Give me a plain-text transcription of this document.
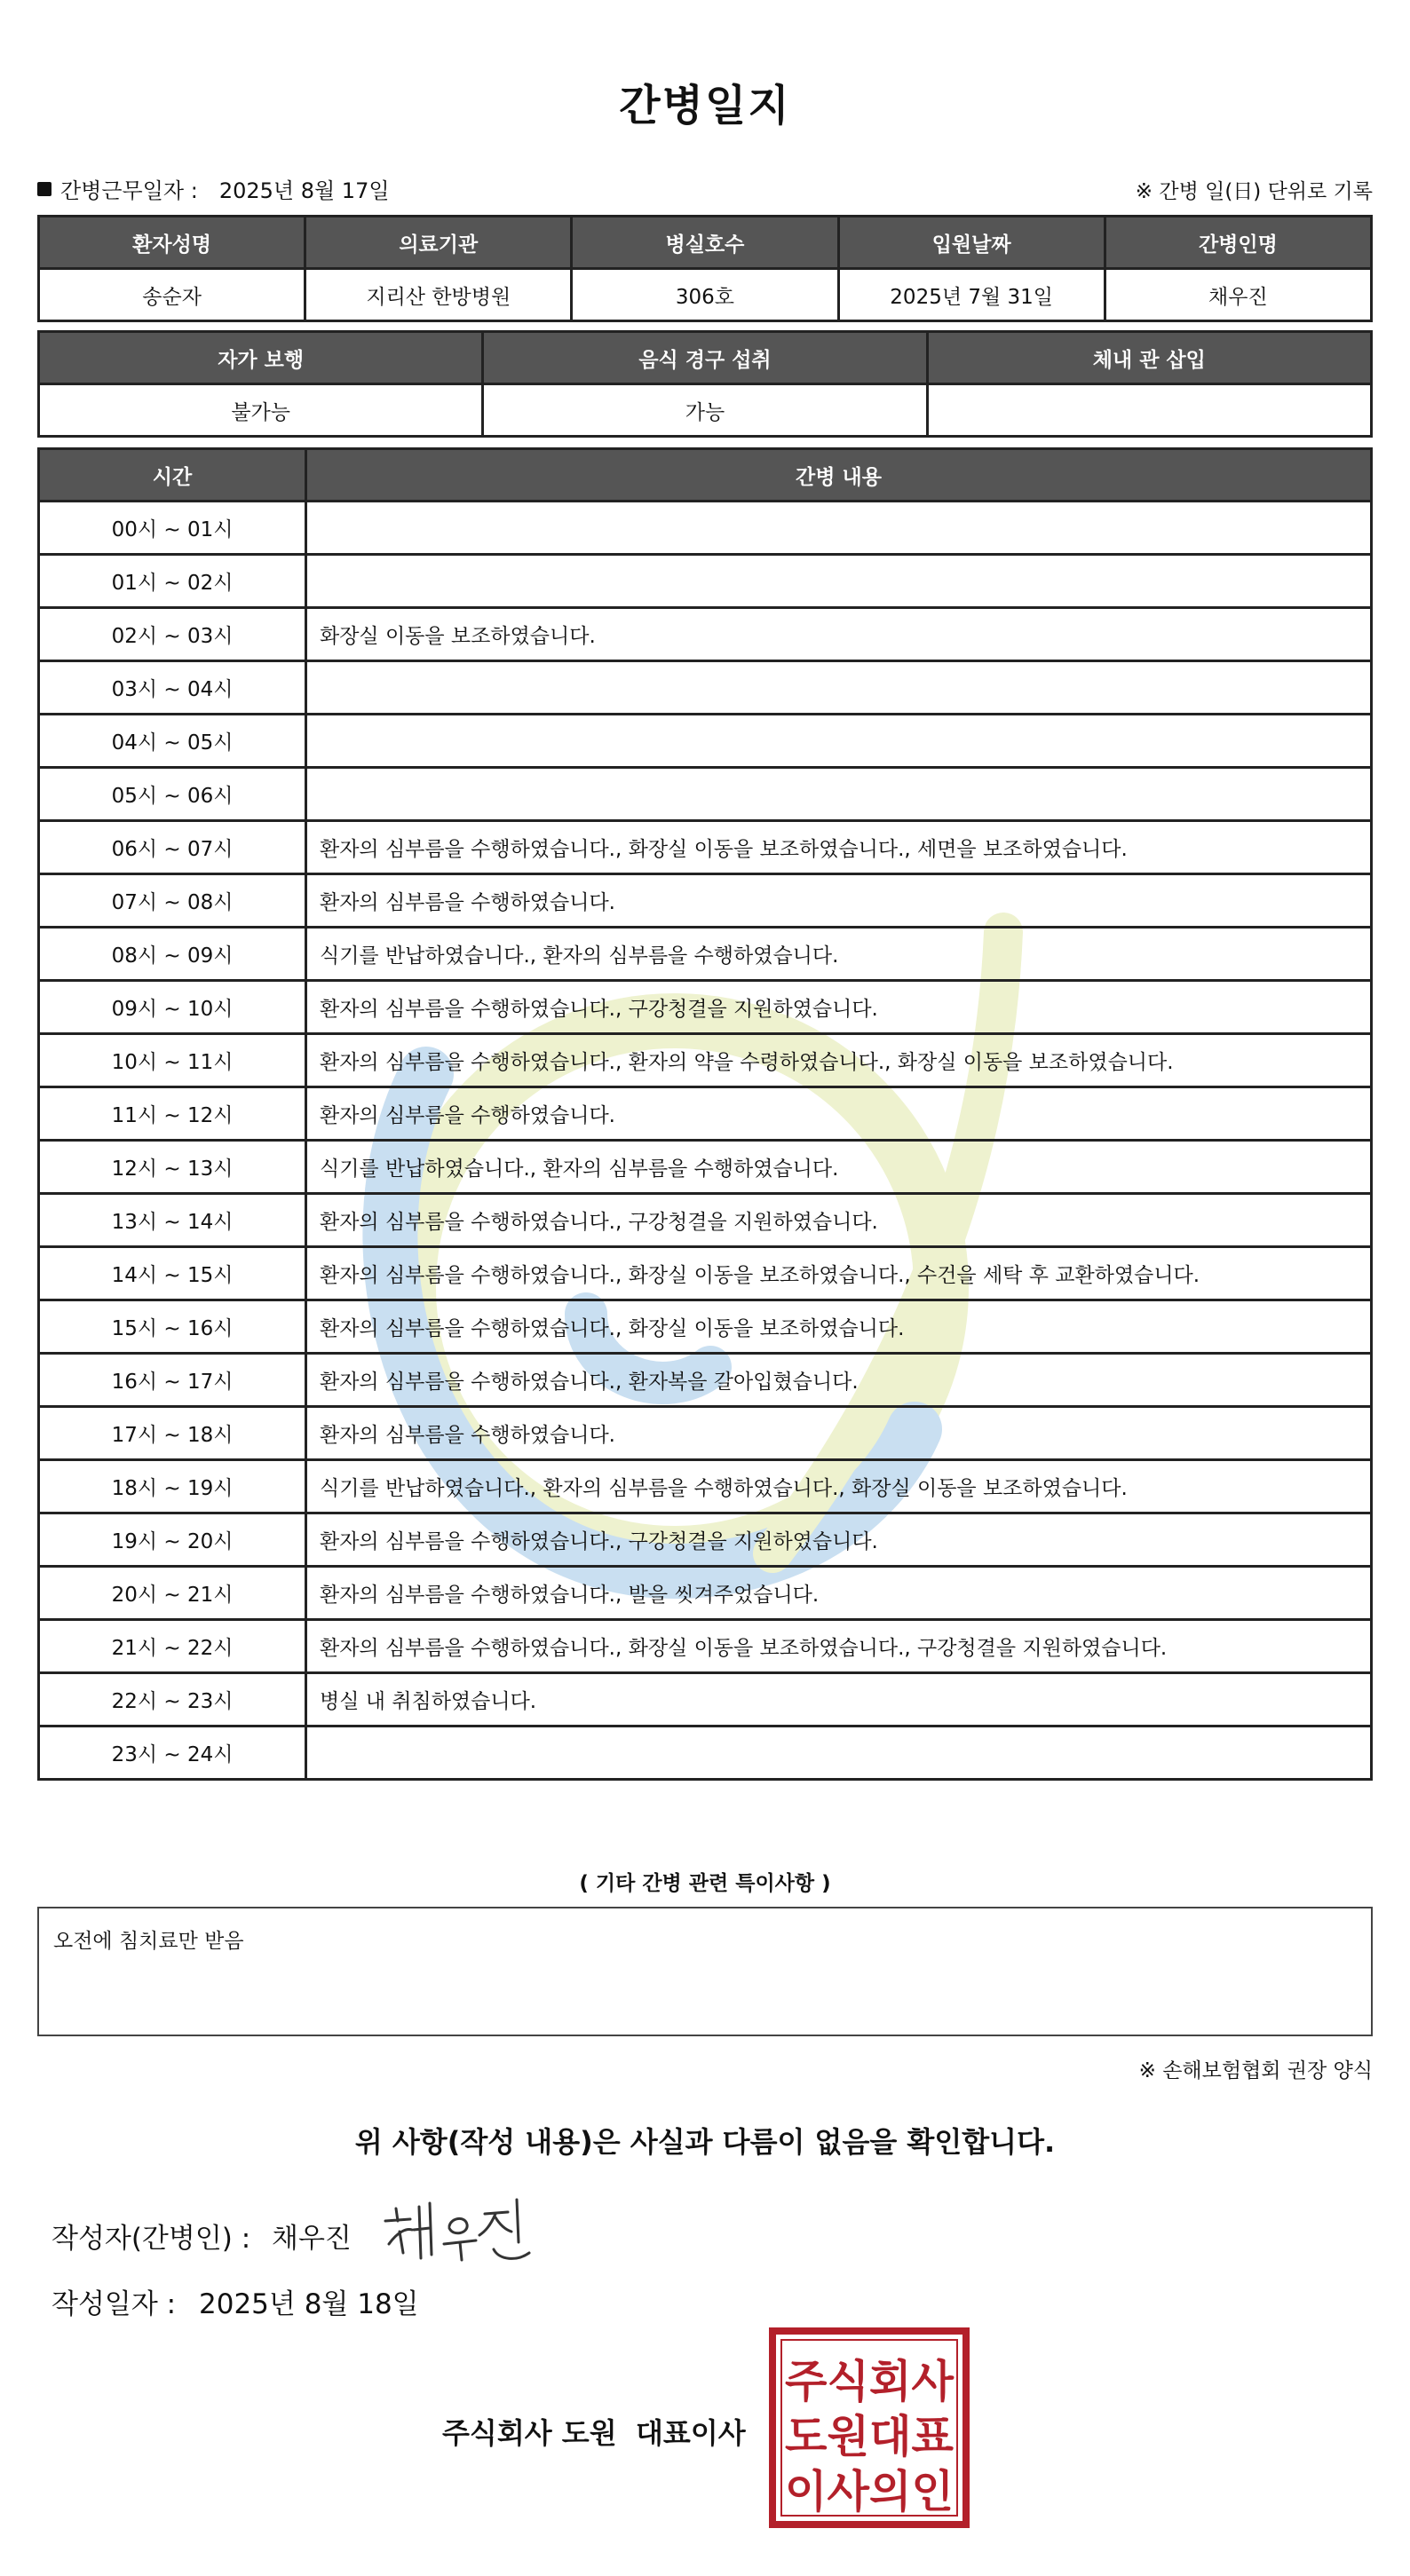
간병일지
간병근무일자 : 2025년 8월 17일	※ 간병 일(日) 단위로 기록
환자성명	의료기관	병실호수	입원날짜	간병인명
송순자	지리산 한방병원	306호	2025년 7월 31일	채우진
자가 보행	음식 경구 섭취	체내 관 삽입
불가능	가능	
시간	간병 내용
00시 ~ 01시	
01시 ~ 02시	
02시 ~ 03시	화장실 이동을 보조하였습니다.
03시 ~ 04시	
04시 ~ 05시	
05시 ~ 06시	
06시 ~ 07시	환자의 심부름을 수행하였습니다., 화장실 이동을 보조하였습니다., 세면을 보조하였습니다.
07시 ~ 08시	환자의 심부름을 수행하였습니다.
08시 ~ 09시	식기를 반납하였습니다., 환자의 심부름을 수행하였습니다.
09시 ~ 10시	환자의 심부름을 수행하였습니다., 구강청결을 지원하였습니다.
10시 ~ 11시	환자의 심부름을 수행하였습니다., 환자의 약을 수령하였습니다., 화장실 이동을 보조하였습니다.
11시 ~ 12시	환자의 심부름을 수행하였습니다.
12시 ~ 13시	식기를 반납하였습니다., 환자의 심부름을 수행하였습니다.
13시 ~ 14시	환자의 심부름을 수행하였습니다., 구강청결을 지원하였습니다.
14시 ~ 15시	환자의 심부름을 수행하였습니다., 화장실 이동을 보조하였습니다., 수건을 세탁 후 교환하였습니다.
15시 ~ 16시	환자의 심부름을 수행하였습니다., 화장실 이동을 보조하였습니다.
16시 ~ 17시	환자의 심부름을 수행하였습니다., 환자복을 갈아입혔습니다.
17시 ~ 18시	환자의 심부름을 수행하였습니다.
18시 ~ 19시	식기를 반납하였습니다., 환자의 심부름을 수행하였습니다., 화장실 이동을 보조하였습니다.
19시 ~ 20시	환자의 심부름을 수행하였습니다., 구강청결을 지원하였습니다.
20시 ~ 21시	환자의 심부름을 수행하였습니다., 발을 씻겨주었습니다.
21시 ~ 22시	환자의 심부름을 수행하였습니다., 화장실 이동을 보조하였습니다., 구강청결을 지원하였습니다.
22시 ~ 23시	병실 내 취침하였습니다.
23시 ~ 24시	
( 기타 간병 관련 특이사항 )
오전에 침치료만 받음
※ 손해보험협회 권장 양식
위 사항(작성 내용)은 사실과 다름이 없음을 확인합니다.
작성자(간병인) : 채우진
작성일자 : 2025년 8월 18일
주식회사 도원 대표이사
주식회사
도원대표
이사의인
